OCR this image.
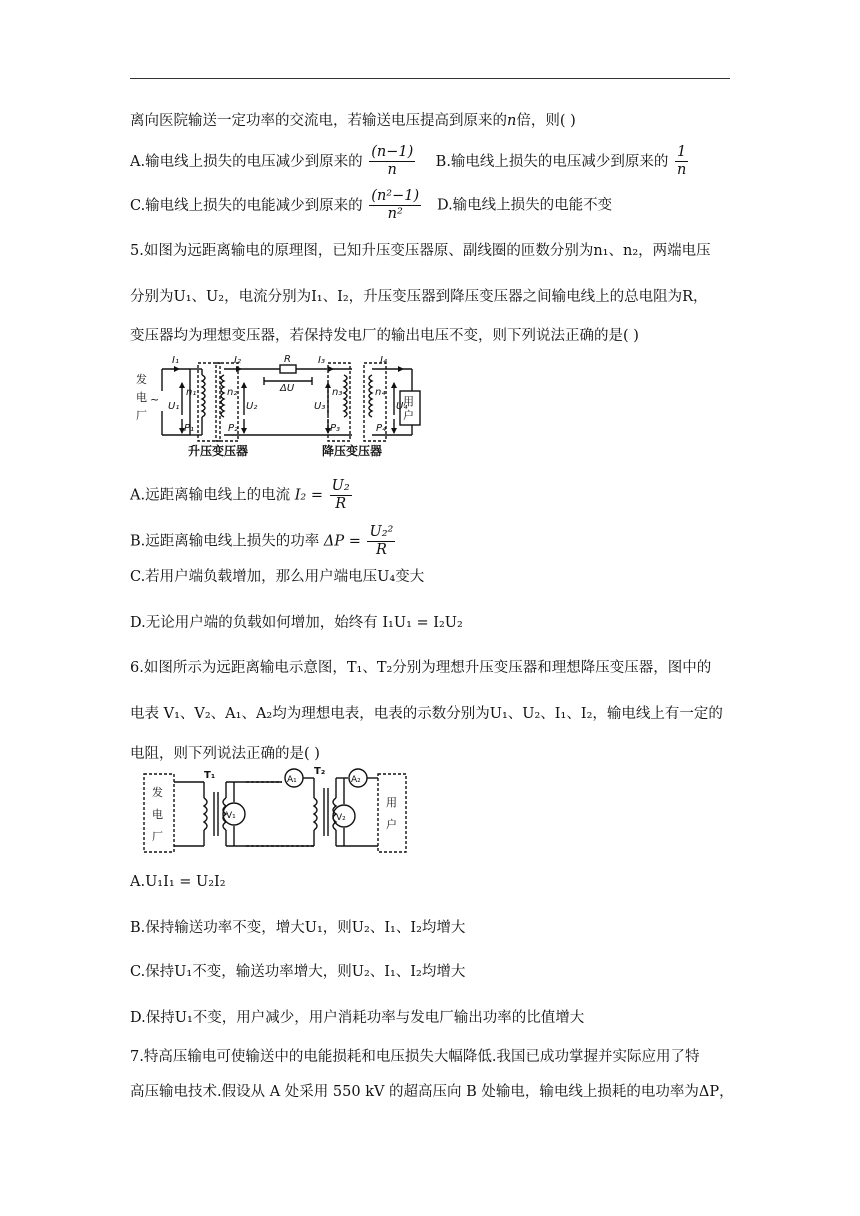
离向医院输送一定功率的交流电，若输送电压提高到原来的n倍，则( )
A.输电线上损失的电压减少到原来的 $\frac{(n-1)}{n} B$.输电线上损失的电压减少到原来的 $\frac{1}{n}$
C.输电线上损失的电能减少到原来的 $\frac{\text{(n²−1)}}{\text{n²}} D$.输电线上损失的电能不变
5.如图为远距离输电的原理图，已知升压变压器原、副线圈的匝数分别为n₁、n₂，两端电压
分别为U₁、U₂，电流分别为I₁、I₂，升压变压器到降压变压器之间输电线上的总电阻为R，
变压器均为理想变压器，若保持发电厂的输出电压不变，则下列说法正确的是( )
发
电
厂
~
I₁	I₂	I₃	I₄
R
ΔU
U₁	U₂	U₃	U₄
n₁	n₂	n₃	n₄
P₁	P₂	P₃	P₄
用
户
升压变压器	降压变压器
A.远距离输电线上的电流 $I_2 = \frac{\text{U₂}}{R}$
B.远距离输电线上损失的功率 $\Delta P = \frac{\text{U₂²}}{R}$
C.若用户端负载增加，那么用户端电压U₄变大
D.无论用户端的负载如何增加，始终有 I₁U₁ = I₂U₂
6.如图所示为远距离输电示意图，T₁、T₂分别为理想升压变压器和理想降压变压器，图中的
电表 V₁、V₂、A₁、A₂均为理想电表，电表的示数分别为U₁、U₂、I₁、I₂，输电线上有一定的
电阻，则下列说法正确的是( )
发
电
厂
用
户
T₁	T₂
V₁	V₂
A₁	A₂
A.U₁I₁ = U₂I₂
B.保持输送功率不变，增大U₁，则U₂、I₁、I₂均增大
C.保持U₁不变，输送功率增大，则U₂、I₁、I₂均增大
D.保持U₁不变，用户减少，用户消耗功率与发电厂输出功率的比值增大
7.特高压输电可使输送中的电能损耗和电压损失大幅降低.我国已成功掌握并实际应用了特
高压输电技术.假设从 A 处采用 550 kV 的超高压向 B 处输电，输电线上损耗的电功率为ΔP，
